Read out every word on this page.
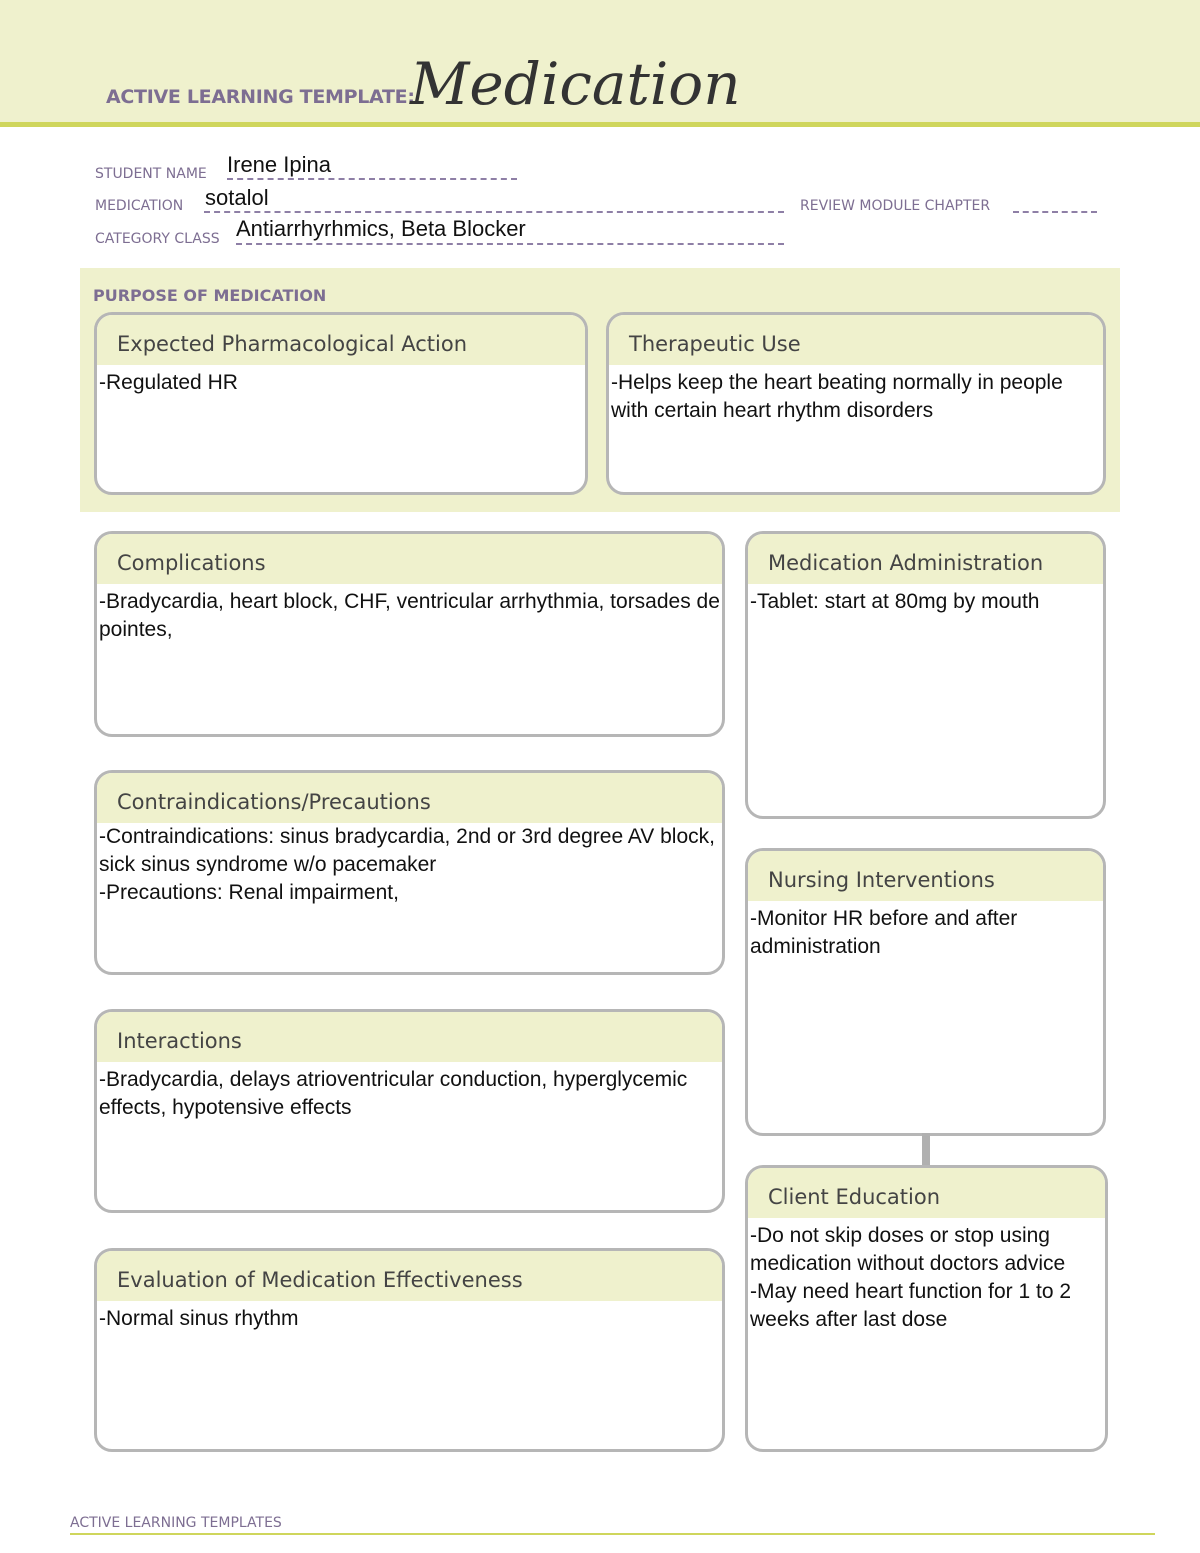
ACTIVE LEARNING TEMPLATE:
Medication
STUDENT NAME Irene Ipina
MEDICATION sotalol	REVIEW MODULE CHAPTER
CATEGORY CLASS Antiarrhyrhmics, Beta Blocker
PURPOSE OF MEDICATION
Expected Pharmacological Action
-Regulated HR
Therapeutic Use
-Helps keep the heart beating normally in people with certain heart rhythm disorders
Complications
-Bradycardia, heart block, CHF, ventricular arrhythmia, torsades de pointes,
Contraindications/Precautions
-Contraindications: sinus bradycardia, 2nd or 3rd degree AV block, sick sinus syndrome w/o pacemaker
-Precautions: Renal impairment,
Interactions
-Bradycardia, delays atrioventricular conduction, hyperglycemic effects, hypotensive effects
Evaluation of Medication Effectiveness
-Normal sinus rhythm
Medication Administration
-Tablet: start at 80mg by mouth
Nursing Interventions
-Monitor HR before and after administration
Client Education
-Do not skip doses or stop using medication without doctors advice
-May need heart function for 1 to 2 weeks after last dose
ACTIVE LEARNING TEMPLATES
